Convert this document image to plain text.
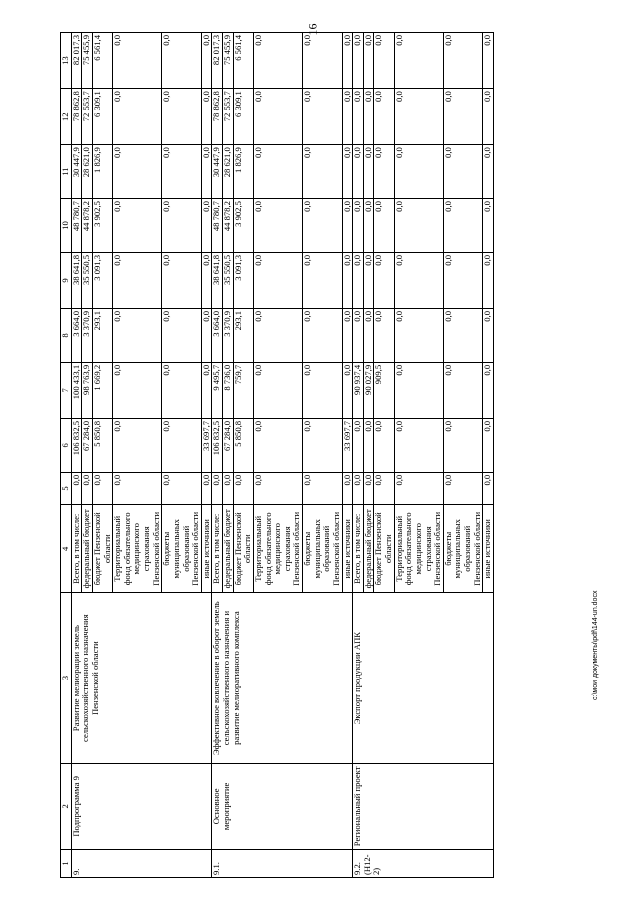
16
1	2	3	4	5	6	7	8	9	10	11	12	13
9.	Подпрограмма 9	Развитие мелиорации земель сельскохозяйственного назначения Пензенской области	Всего, в том числе:	0,0	106 832,5	100 433,1	3 664,0	38 641,8	48 780,7	30 447,9	78 862,8	82 017,3
			федеральный бюджет	0,0	67 284,0	98 763,9	3 370,9	35 550,5	44 878,2	28 621,0	72 553,7	75 455,9
			бюджет Пензенской области	0,0	5 850,8	1 669,2	293,1	3 091,3	3 902,5	1 826,9	6 309,1	6 561,4
			Территориальный фонд обязательного медицинского страхования Пензенской области	0,0	0,0	0,0	0,0	0,0	0,0	0,0	0,0	0,0
			бюджеты муниципальных образований Пензенской области	0,0	0,0	0,0	0,0	0,0	0,0	0,0	0,0	0,0
			иные источники	0,0	33 697,7	0,0	0,0	0,0	0,0	0,0	0,0	0,0
9.1.	Основное мероприятие	Эффективное вовлечение в оборот земель сельскохозяйственного назначения и развитие мелиоративного комплекса	Всего, в том числе:	0,0	106 832,5	9 495,7	3 664,0	38 641,8	48 780,7	30 447,9	78 862,8	82 017,3
			федеральный бюджет	0,0	67 284,0	8 736,0	3 370,9	35 550,5	44 878,2	28 621,0	72 553,7	75 455,9
			бюджет Пензенской области	0,0	5 850,8	759,7	293,1	3 091,3	3 902,5	1 826,9	6 309,1	6 561,4
			Территориальный фонд обязательного медицинского страхования Пензенской области	0,0	0,0	0,0	0,0	0,0	0,0	0,0	0,0	0,0
			бюджеты муниципальных образований Пензенской области	0,0	0,0	0,0	0,0	0,0	0,0	0,0	0,0	0,0
			иные источники	0,0	33 697,7	0,0	0,0	0,0	0,0	0,0	0,0	0,0
9.2. (Н12-2)	Региональный проект	Экспорт продукции АПК	Всего, в том числе:	0,0	0,0	90 937,4	0,0	0,0	0,0	0,0	0,0	0,0
			федеральный бюджет	0,0	0,0	90 027,9	0,0	0,0	0,0	0,0	0,0	0,0
			бюджет Пензенской области	0,0	0,0	909,5	0,0	0,0	0,0	0,0	0,0	0,0
			Территориальный фонд обязательного медицинского страхования Пензенской области	0,0	0,0	0,0	0,0	0,0	0,0	0,0	0,0	0,0
			бюджеты муниципальных образований Пензенской области	0,0	0,0	0,0	0,0	0,0	0,0	0,0	0,0	0,0
			иные источники	0,0	0,0	0,0	0,0	0,0	0,0	0,0	0,0	0,0
c:\мои документы\pdf\144-un.docx
